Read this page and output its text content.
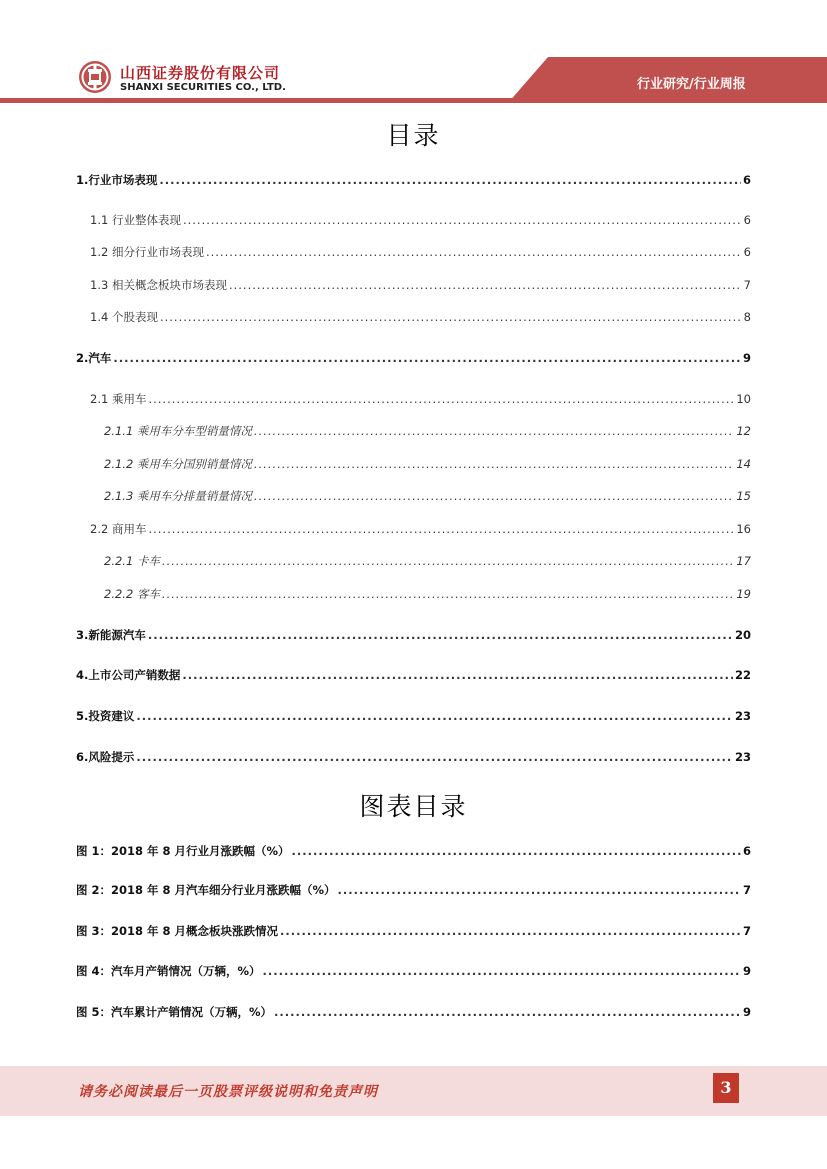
山西证券股份有限公司
SHANXI SECURITIES CO., LTD.	行业研究/行业周报
目录
1.行业市场表现 .....	6
1.1 行业整体表现 .....	6
1.2 细分行业市场表现 .....	6
1.3 相关概念板块市场表现 .....	7
1.4 个股表现 .....	8
2.汽车 .....	9
2.1 乘用车 .....	10
2.1.1 乘用车分车型销量情况 .....	12
2.1.2 乘用车分国别销量情况 .....	14
2.1.3 乘用车分排量销量情况 .....	15
2.2 商用车 .....	16
2.2.1 卡车 .....	17
2.2.2 客车 .....	19
3.新能源汽车 .....	20
4.上市公司产销数据 .....	22
5.投资建议 .....	23
6.风险提示 .....	23
图表目录
图 1：2018 年 8 月行业月涨跌幅（%） .....	6
图 2：2018 年 8 月汽车细分行业月涨跌幅（%） .....	7
图 3：2018 年 8 月概念板块涨跌情况 .....	7
图 4：汽车月产销情况（万辆，%） .....	9
图 5：汽车累计产销情况（万辆，%） .....	9
请务必阅读最后一页股票评级说明和免责声明	3
